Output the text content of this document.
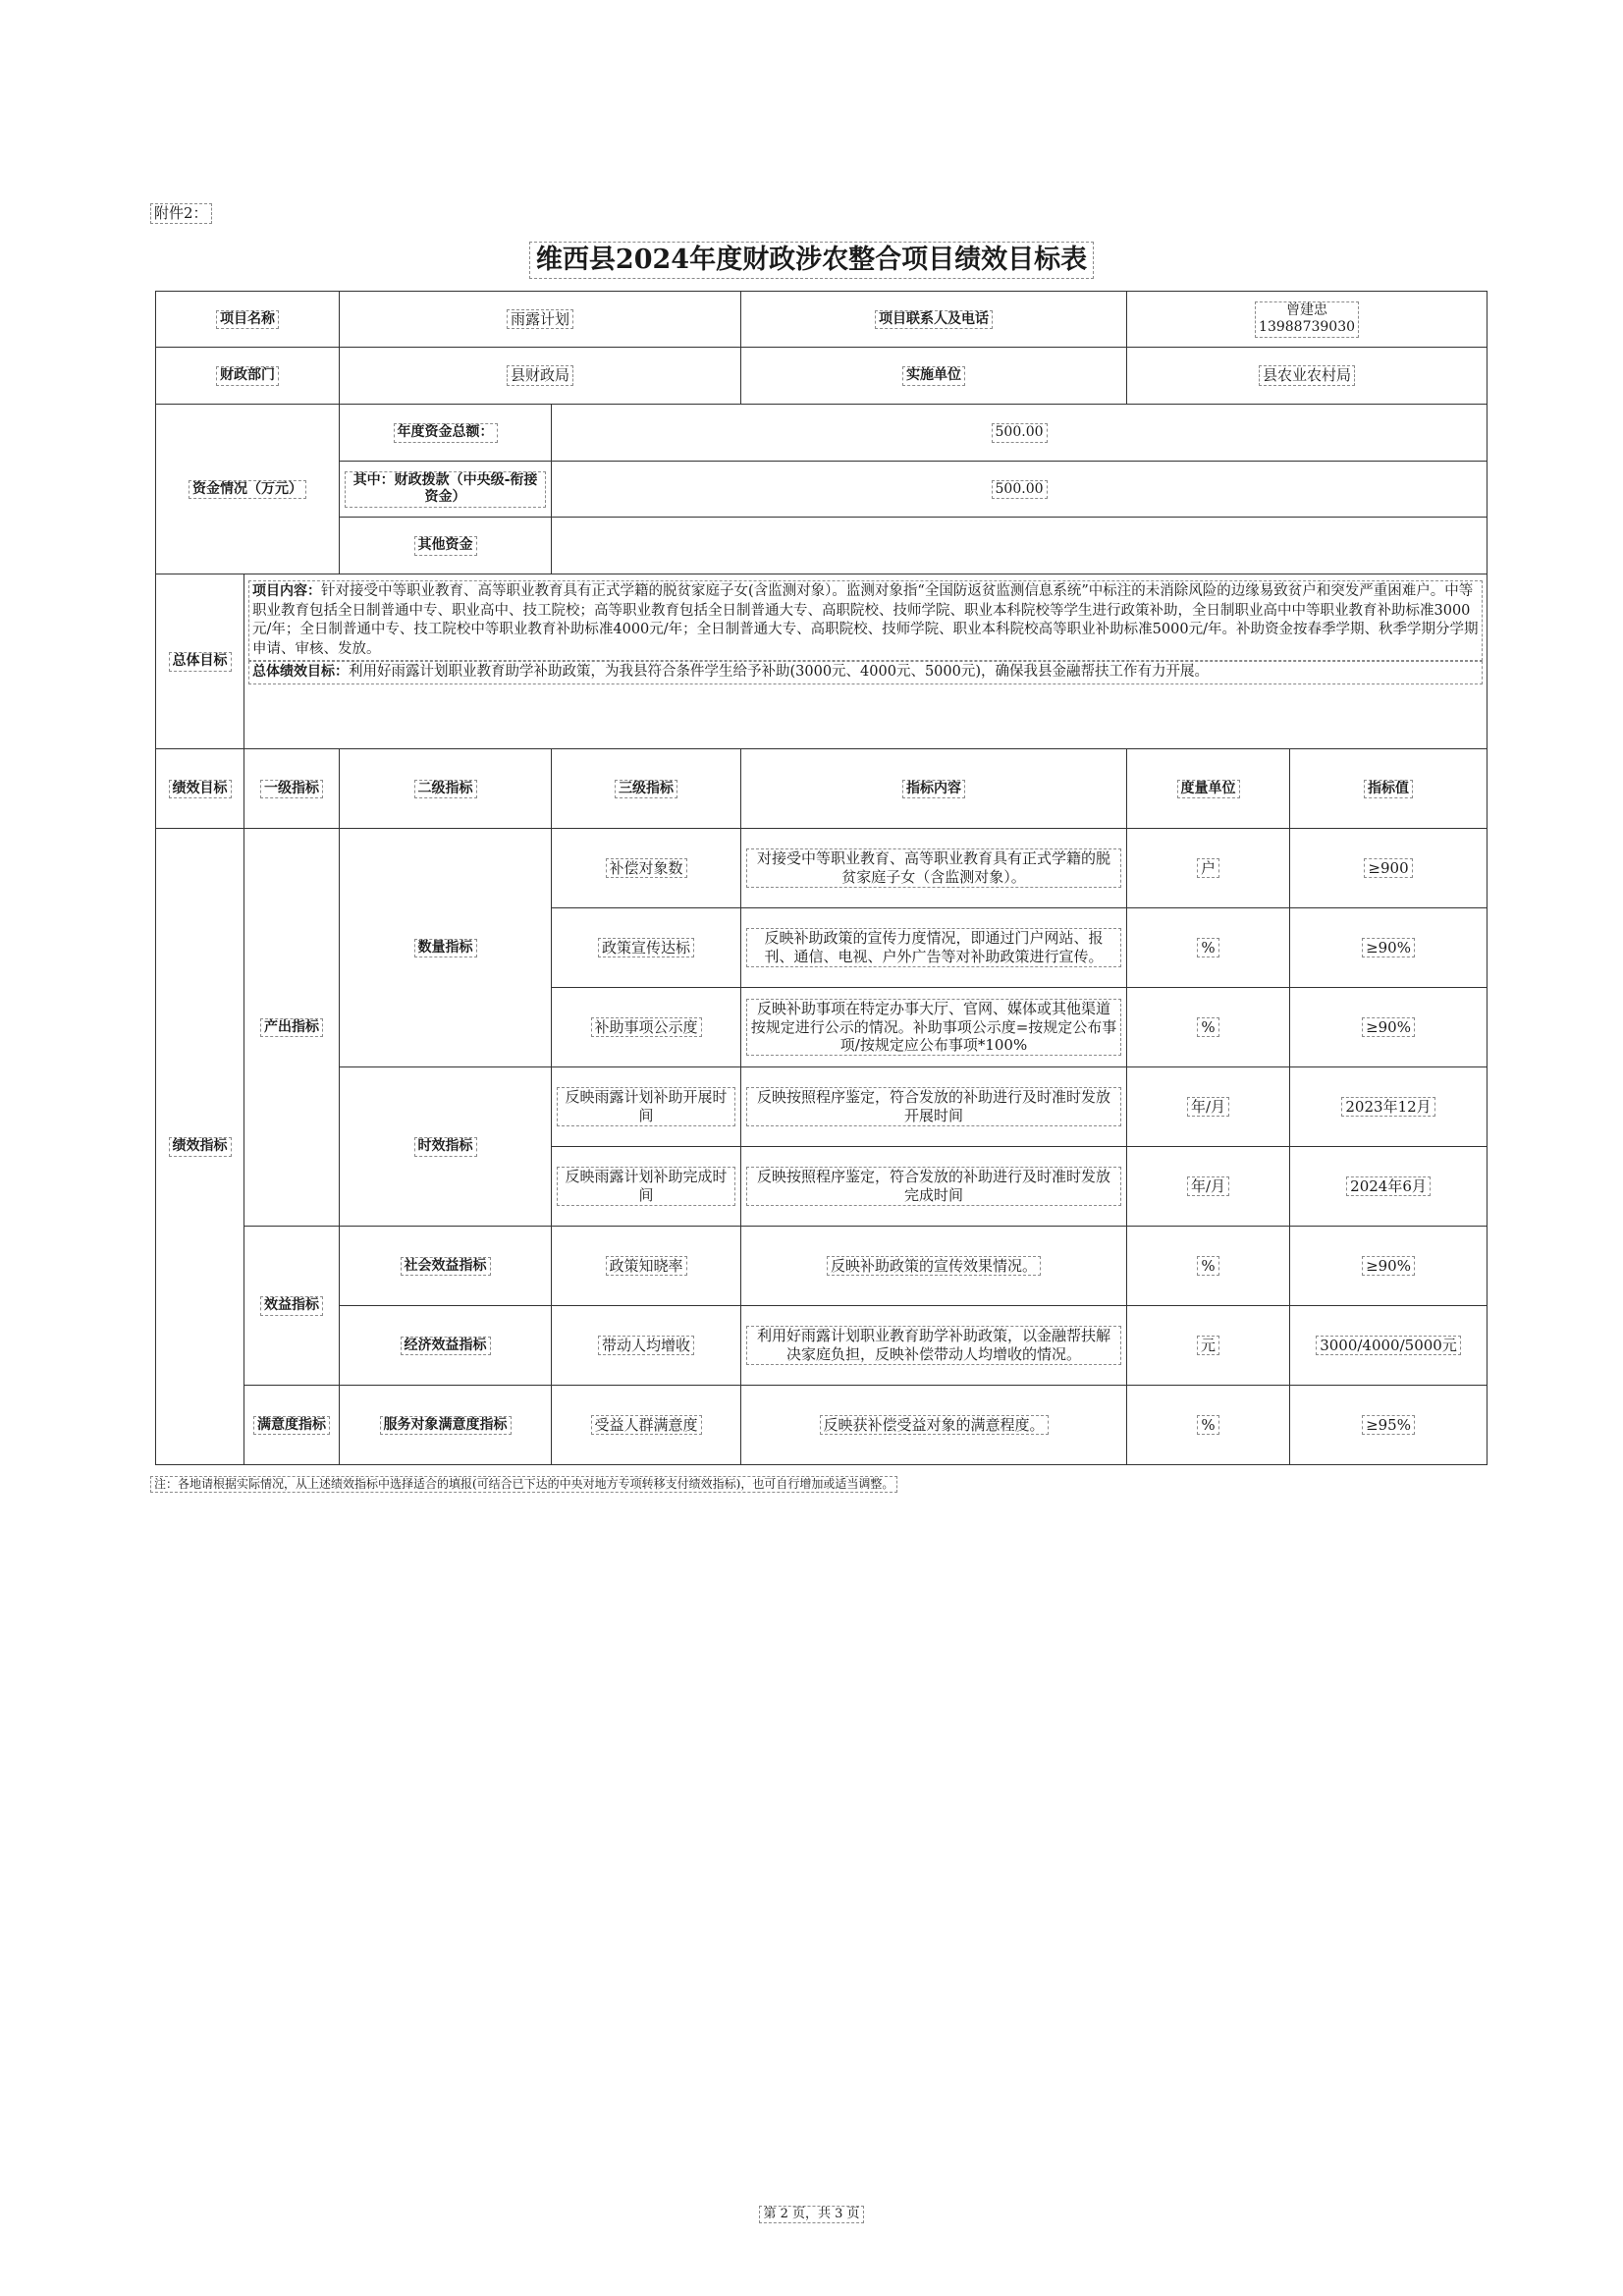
附件2：
维西县2024年度财政涉农整合项目绩效目标表
项目名称		雨露计划		项目联系人及电话	曾建忠
13988739030	
财政部门		县财政局		实施单位	县农业农村局	
资金情况（万元）		年度资金总额：	500.00			
		其中：财政拨款（中央级-衔接资金）	500.00			
		其他资金				
总体目标	项目内容：针对接受中等职业教育、高等职业教育具有正式学籍的脱贫家庭子女(含监测对象）。监测对象指“全国防返贫监测信息系统”中标注的未消除风险的边缘易致贫户和突发严重困难户。中等职业教育包括全日制普通中专、职业高中、技工院校；高等职业教育包括全日制普通大专、高职院校、技师学院、职业本科院校等学生进行政策补助，全日制职业高中中等职业教育补助标准3000元/年；全日制普通中专、技工院校中等职业教育补助标准4000元/年；全日制普通大专、高职院校、技师学院、职业本科院校高等职业补助标准5000元/年。补助资金按春季学期、秋季学期分学期申请、审核、发放。
总体绩效目标：利用好雨露计划职业教育助学补助政策，为我县符合条件学生给予补助(3000元、4000元、5000元)，确保我县金融帮扶工作有力开展。					

绩效目标	一级指标	二级指标	三级指标	指标内容	度量单位	指标值
绩效指标	产出指标	数量指标	补偿对象数	对接受中等职业教育、高等职业教育具有正式学籍的脱贫家庭子女（含监测对象）。	户	≥900
			政策宣传达标	反映补助政策的宣传力度情况，即通过门户网站、报刊、通信、电视、户外广告等对补助政策进行宣传。	%	≥90%
			补助事项公示度	反映补助事项在特定办事大厅、官网、媒体或其他渠道按规定进行公示的情况。补助事项公示度=按规定公布事项/按规定应公布事项*100%	%	≥90%
		时效指标	反映雨露计划补助开展时间	反映按照程序鉴定，符合发放的补助进行及时准时发放开展时间	年/月	2023年12月
			反映雨露计划补助完成时间	反映按照程序鉴定，符合发放的补助进行及时准时发放完成时间	年/月	2024年6月
	效益指标	社会效益指标	政策知晓率	反映补助政策的宣传效果情况。	%	≥90%
		经济效益指标	带动人均增收	利用好雨露计划职业教育助学补助政策，以金融帮扶解决家庭负担，反映补偿带动人均增收的情况。	元	3000/4000/5000元
	满意度指标	服务对象满意度指标	受益人群满意度	反映获补偿受益对象的满意程度。	%	≥95%
注：各地请根据实际情况，从上述绩效指标中选择适合的填报(可结合已下达的中央对地方专项转移支付绩效指标)，也可自行增加或适当调整。
第 2 页，共 3 页
